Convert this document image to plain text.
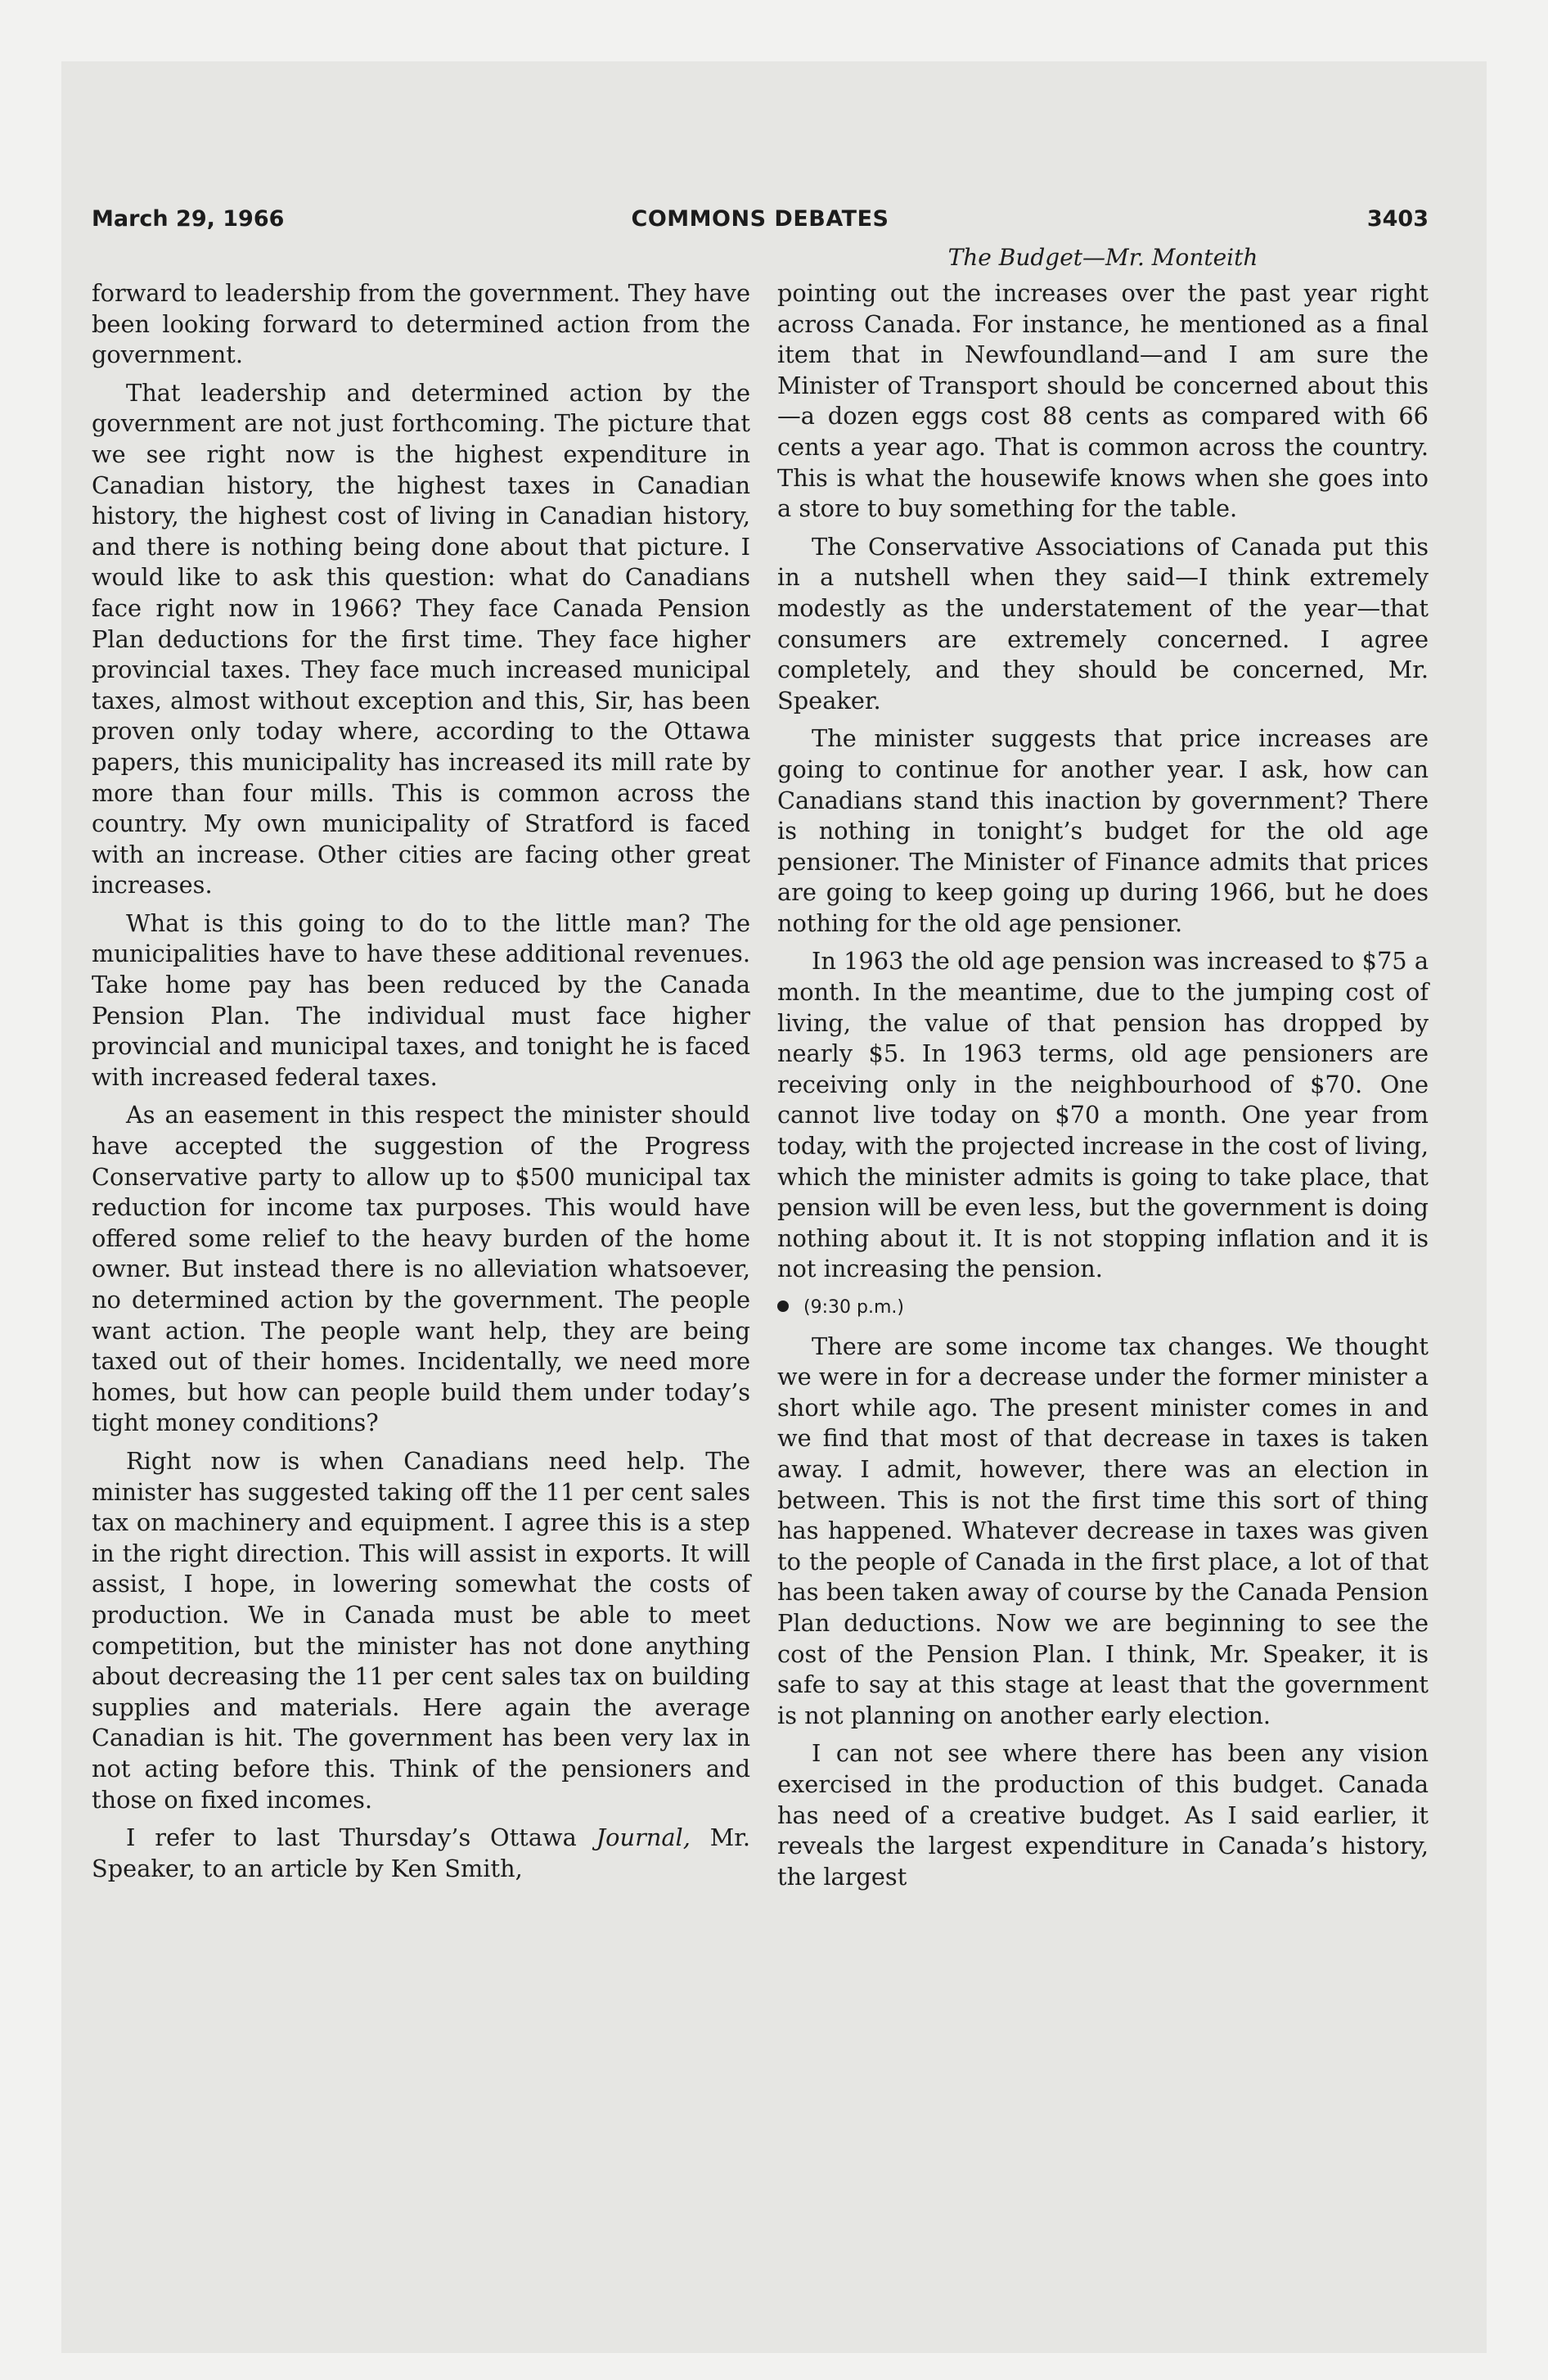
March 29, 1966	COMMONS DEBATES	3403
The Budget—Mr. Monteith

forward to leadership from the government. They have been looking forward to determined action from the government.

That leadership and determined action by the government are not just forthcoming. The picture that we see right now is the highest expenditure in Canadian history, the highest taxes in Canadian history, the highest cost of living in Canadian history, and there is nothing being done about that picture. I would like to ask this question: what do Canadians face right now in 1966? They face Canada Pension Plan deductions for the first time. They face higher provincial taxes. They face much increased municipal taxes, almost without exception and this, Sir, has been proven only today where, according to the Ottawa papers, this municipality has increased its mill rate by more than four mills. This is common across the country. My own municipality of Stratford is faced with an increase. Other cities are facing other great increases.

What is this going to do to the little man? The municipalities have to have these additional revenues. Take home pay has been reduced by the Canada Pension Plan. The individual must face higher provincial and municipal taxes, and tonight he is faced with increased federal taxes.

As an easement in this respect the minister should have accepted the suggestion of the Progress Conservative party to allow up to $500 municipal tax reduction for income tax purposes. This would have offered some relief to the heavy burden of the home owner. But instead there is no alleviation whatsoever, no determined action by the government. The people want action. The people want help, they are being taxed out of their homes. Incidentally, we need more homes, but how can people build them under today’s tight money conditions?

Right now is when Canadians need help. The minister has suggested taking off the 11 per cent sales tax on machinery and equipment. I agree this is a step in the right direction. This will assist in exports. It will assist, I hope, in lowering somewhat the costs of production. We in Canada must be able to meet competition, but the minister has not done anything about decreasing the 11 per cent sales tax on building supplies and materials. Here again the average Canadian is hit. The government has been very lax in not acting before this. Think of the pensioners and those on fixed incomes.

I refer to last Thursday’s Ottawa Journal, Mr. Speaker, to an article by Ken Smith,

pointing out the increases over the past year right across Canada. For instance, he mentioned as a final item that in Newfoundland—and I am sure the Minister of Transport should be concerned about this—a dozen eggs cost 88 cents as compared with 66 cents a year ago. That is common across the country. This is what the housewife knows when she goes into a store to buy something for the table.

The Conservative Associations of Canada put this in a nutshell when they said—I think extremely modestly as the understatement of the year—that consumers are extremely concerned. I agree completely, and they should be concerned, Mr. Speaker.

The minister suggests that price increases are going to continue for another year. I ask, how can Canadians stand this inaction by government? There is nothing in tonight’s budget for the old age pensioner. The Minister of Finance admits that prices are going to keep going up during 1966, but he does nothing for the old age pensioner.

In 1963 the old age pension was increased to $75 a month. In the meantime, due to the jumping cost of living, the value of that pension has dropped by nearly $5. In 1963 terms, old age pensioners are receiving only in the neighbourhood of $70. One cannot live today on $70 a month. One year from today, with the projected increase in the cost of living, which the minister admits is going to take place, that pension will be even less, but the government is doing nothing about it. It is not stopping inflation and it is not increasing the pension.

(9:30 p.m.)

There are some income tax changes. We thought we were in for a decrease under the former minister a short while ago. The present minister comes in and we find that most of that decrease in taxes is taken away. I admit, however, there was an election in between. This is not the first time this sort of thing has happened. Whatever decrease in taxes was given to the people of Canada in the first place, a lot of that has been taken away of course by the Canada Pension Plan deductions. Now we are beginning to see the cost of the Pension Plan. I think, Mr. Speaker, it is safe to say at this stage at least that the government is not planning on another early election.

I can not see where there has been any vision exercised in the production of this budget. Canada has need of a creative budget. As I said earlier, it reveals the largest expenditure in Canada’s history, the largest
